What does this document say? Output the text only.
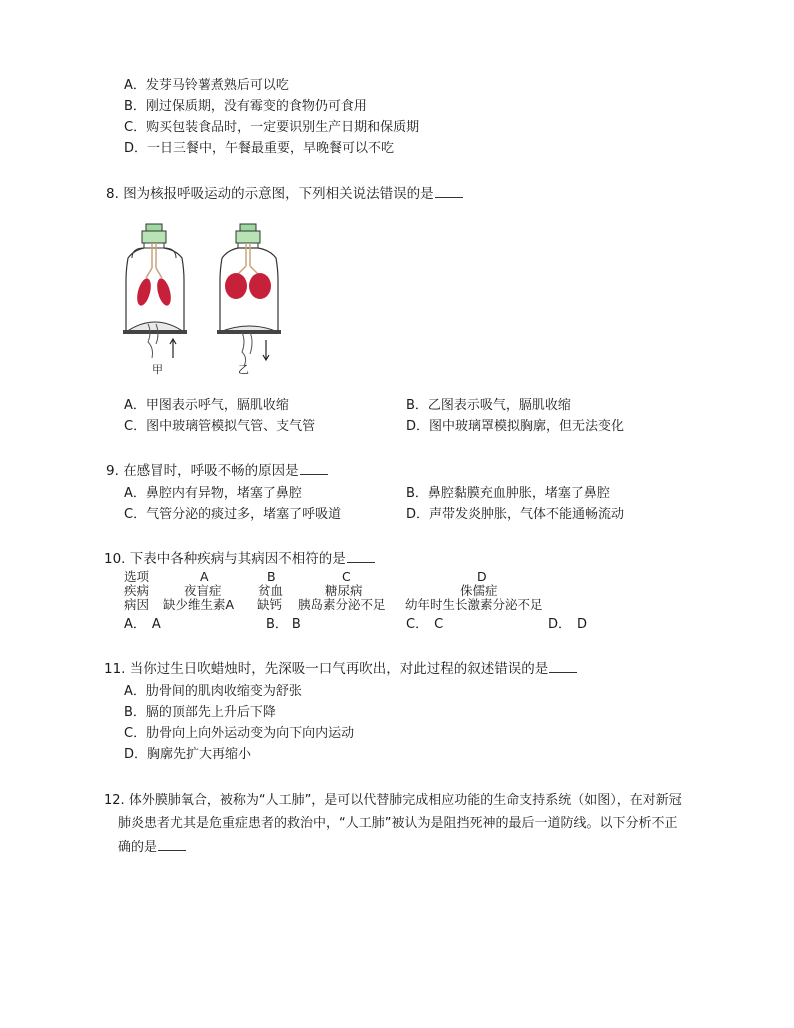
A．发芽马铃薯煮熟后可以吃
B．刚过保质期，没有霉变的食物仍可食用
C．购买包装食品时，一定要识别生产日期和保质期
D．一日三餐中，午餐最重要，早晚餐可以不吃
8. 图为核报呼吸运动的示意图，下列相关说法错误的是
甲	乙
A．甲图表示呼气，膈肌收缩	B．乙图表示吸气，膈肌收缩
C．图中玻璃管模拟气管、支气管	D．图中玻璃罩模拟胸廓，但无法变化
9. 在感冒时，呼吸不畅的原因是
A．鼻腔内有异物，堵塞了鼻腔	B．鼻腔黏膜充血肿胀，堵塞了鼻腔
C．气管分泌的痰过多，堵塞了呼吸道	D．声带发炎肿胀，气体不能通畅流动
10. 下表中各种疾病与其病因不相符的是
选项	A	B	C	D
疾病	夜盲症	贫血	糖尿病	侏儒症
病因 缺少维生素A 缺钙 胰岛素分泌不足 幼年时生长激素分泌不足
A． A	B． B	C． C	D． D
11. 当你过生日吹蜡烛时，先深吸一口气再吹出，对此过程的叙述错误的是
A．肋骨间的肌肉收缩变为舒张
B．膈的顶部先上升后下降
C．肋骨向上向外运动变为向下向内运动
D．胸廓先扩大再缩小
12. 体外膜肺氧合，被称为“人工肺”，是可以代替肺完成相应功能的生命支持系统（如图），在对新冠
肺炎患者尤其是危重症患者的救治中，“人工肺”被认为是阻挡死神的最后一道防线。以下分析不正
确的是
